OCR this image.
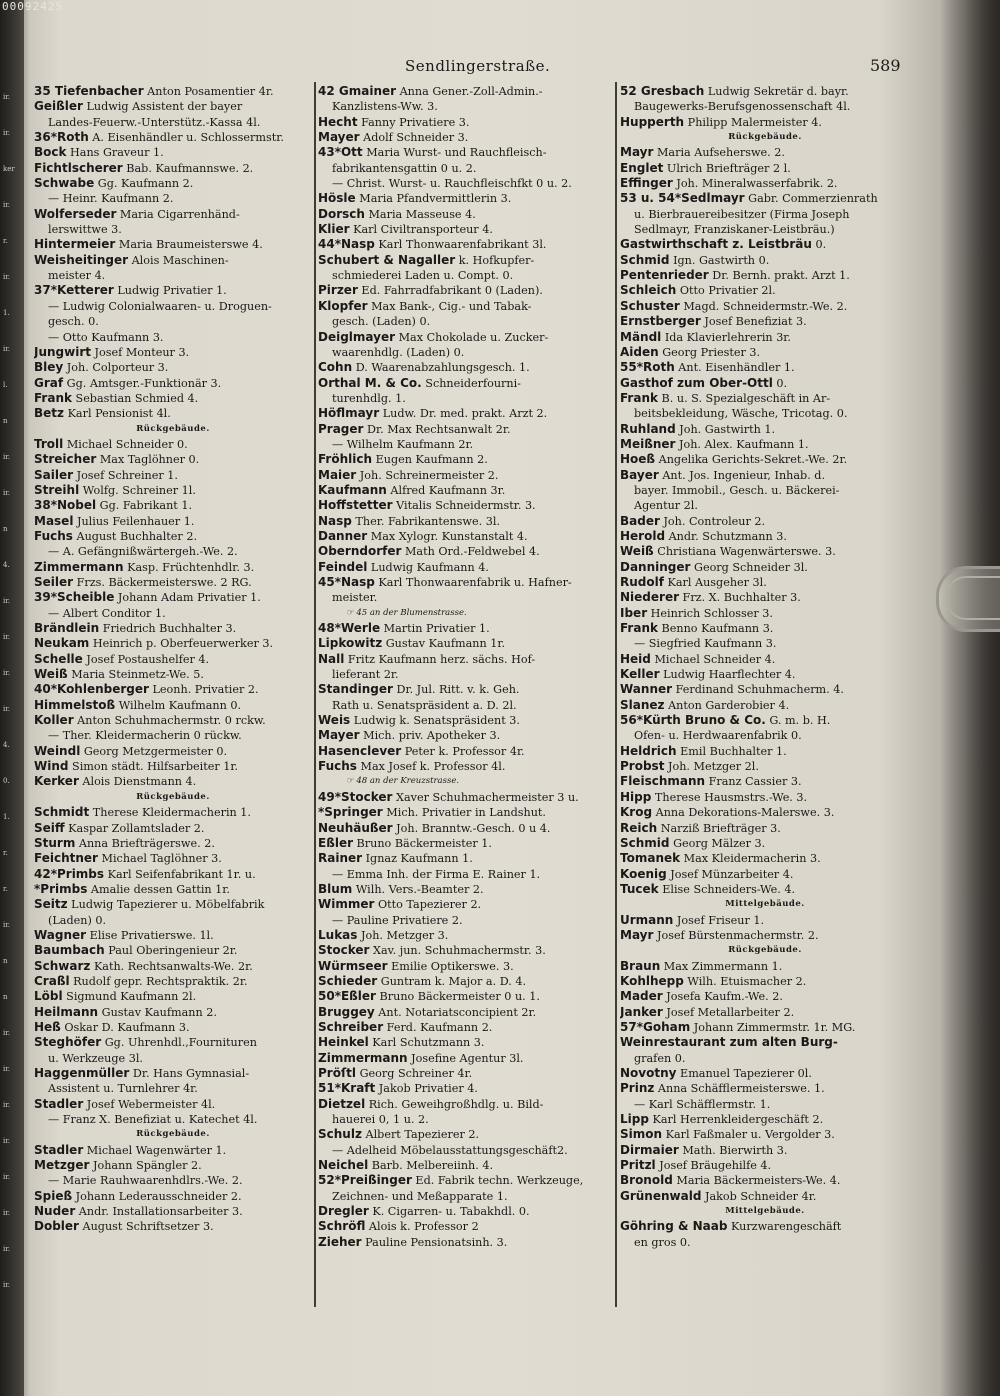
ir.
ir.
ker
ir.
r.
ir.
1.
ir.
l.
n
ir.
ir.
n
4.
ir.
ir.
ir.
ir.
4.
0.
1.
r.
r.
ir.
n
n
ir.
ir.
ir.
ir.
ir.
ir.
ir.
ir.
00092425
Sendlingerstraße.	589
35 Tiefenbacher Anton Posamentier 4r.
Geißler Ludwig Assistent der bayer
Landes-Feuerw.-Unterstütz.-Kassa 4l.
36*Roth A. Eisenhändler u. Schlossermstr.
Bock Hans Graveur 1.
Fichtlscherer Bab. Kaufmannswe. 2.
Schwabe Gg. Kaufmann 2.
— Heinr. Kaufmann 2.
Wolferseder Maria Cigarrenhänd-
lerswittwe 3.
Hintermeier Maria Braumeisterswe 4.
Weisheitinger Alois Maschinen-
meister 4.
37*Ketterer Ludwig Privatier 1.
— Ludwig Colonialwaaren- u. Droguen-
gesch. 0.
— Otto Kaufmann 3.
Jungwirt Josef Monteur 3.
Bley Joh. Colporteur 3.
Graf Gg. Amtsger.-Funktionär 3.
Frank Sebastian Schmied 4.
Betz Karl Pensionist 4l.
Rückgebäude.
Troll Michael Schneider 0.
Streicher Max Taglöhner 0.
Sailer Josef Schreiner 1.
Streihl Wolfg. Schreiner 1l.
38*Nobel Gg. Fabrikant 1.
Masel Julius Feilenhauer 1.
Fuchs August Buchhalter 2.
— A. Gefängnißwärtergeh.-We. 2.
Zimmermann Kasp. Früchtenhdlr. 3.
Seiler Frzs. Bäckermeisterswe. 2 RG.
39*Scheible Johann Adam Privatier 1.
— Albert Conditor 1.
Brändlein Friedrich Buchhalter 3.
Neukam Heinrich p. Oberfeuerwerker 3.
Schelle Josef Postaushelfer 4.
Weiß Maria Steinmetz-We. 5.
40*Kohlenberger Leonh. Privatier 2.
Himmelstoß Wilhelm Kaufmann 0.
Koller Anton Schuhmachermstr. 0 rckw.
— Ther. Kleidermacherin 0 rückw.
Weindl Georg Metzgermeister 0.
Wind Simon städt. Hilfsarbeiter 1r.
Kerker Alois Dienstmann 4.
Rückgebäude.
Schmidt Therese Kleidermacherin 1.
Seiff Kaspar Zollamtslader 2.
Sturm Anna Briefträgerswe. 2.
Feichtner Michael Taglöhner 3.
42*Primbs Karl Seifenfabrikant 1r. u.
*Primbs Amalie dessen Gattin 1r.
Seitz Ludwig Tapezierer u. Möbelfabrik
(Laden) 0.
Wagner Elise Privatierswe. 1l.
Baumbach Paul Oberingenieur 2r.
Schwarz Kath. Rechtsanwalts-We. 2r.
Craßl Rudolf gepr. Rechtspraktik. 2r.
Löbl Sigmund Kaufmann 2l.
Heilmann Gustav Kaufmann 2.
Heß Oskar D. Kaufmann 3.
Steghöfer Gg. Uhrenhdl.,Fournituren
u. Werkzeuge 3l.
Haggenmüller Dr. Hans Gymnasial-
Assistent u. Turnlehrer 4r.
Stadler Josef Webermeister 4l.
— Franz X. Benefiziat u. Katechet 4l.
Rückgebäude.
Stadler Michael Wagenwärter 1.
Metzger Johann Spängler 2.
— Marie Rauhwaarenhdlrs.-We. 2.
Spieß Johann Lederausschneider 2.
Nuder Andr. Installationsarbeiter 3.
Dobler August Schriftsetzer 3.
42 Gmainer Anna Gener.-Zoll-Admin.-
Kanzlistens-Ww. 3.
Hecht Fanny Privatiere 3.
Mayer Adolf Schneider 3.
43*Ott Maria Wurst- und Rauchfleisch-
fabrikantensgattin 0 u. 2.
— Christ. Wurst- u. Rauchfleischfkt 0 u. 2.
Hösle Maria Pfandvermittlerin 3.
Dorsch Maria Masseuse 4.
Klier Karl Civiltransporteur 4.
44*Nasp Karl Thonwaarenfabrikant 3l.
Schubert & Nagaller k. Hofkupfer-
schmiederei Laden u. Compt. 0.
Pirzer Ed. Fahrradfabrikant 0 (Laden).
Klopfer Max Bank-, Cig.- und Tabak-
gesch. (Laden) 0.
Deiglmayer Max Chokolade u. Zucker-
waarenhdlg. (Laden) 0.
Cohn D. Waarenabzahlungsgesch. 1.
Orthal M. & Co. Schneiderfourni-
turenhdlg. 1.
Höflmayr Ludw. Dr. med. prakt. Arzt 2.
Prager Dr. Max Rechtsanwalt 2r.
— Wilhelm Kaufmann 2r.
Fröhlich Eugen Kaufmann 2.
Maier Joh. Schreinermeister 2.
Kaufmann Alfred Kaufmann 3r.
Hoffstetter Vitalis Schneidermstr. 3.
Nasp Ther. Fabrikantenswe. 3l.
Danner Max Xylogr. Kunstanstalt 4.
Oberndorfer Math Ord.-Feldwebel 4.
Feindel Ludwig Kaufmann 4.
45*Nasp Karl Thonwaarenfabrik u. Hafner-
meister.
☞ 45 an der Blumenstrasse.
48*Werle Martin Privatier 1.
Lipkowitz Gustav Kaufmann 1r.
Nall Fritz Kaufmann herz. sächs. Hof-
lieferant 2r.
Standinger Dr. Jul. Ritt. v. k. Geh.
Rath u. Senatspräsident a. D. 2l.
Weis Ludwig k. Senatspräsident 3.
Mayer Mich. priv. Apotheker 3.
Hasenclever Peter k. Professor 4r.
Fuchs Max Josef k. Professor 4l.
☞ 48 an der Kreuzstrasse.
49*Stocker Xaver Schuhmachermeister 3 u.
*Springer Mich. Privatier in Landshut.
Neuhäußer Joh. Branntw.-Gesch. 0 u 4.
Eßler Bruno Bäckermeister 1.
Rainer Ignaz Kaufmann 1.
— Emma Inh. der Firma E. Rainer 1.
Blum Wilh. Vers.-Beamter 2.
Wimmer Otto Tapezierer 2.
— Pauline Privatiere 2.
Lukas Joh. Metzger 3.
Stocker Xav. jun. Schuhmachermstr. 3.
Würmseer Emilie Optikerswe. 3.
Schieder Guntram k. Major a. D. 4.
50*Eßler Bruno Bäckermeister 0 u. 1.
Bruggey Ant. Notariatsconcipient 2r.
Schreiber Ferd. Kaufmann 2.
Heinkel Karl Schutzmann 3.
Zimmermann Josefine Agentur 3l.
Pröſtl Georg Schreiner 4r.
51*Kraft Jakob Privatier 4.
Dietzel Rich. Geweihgroßhdlg. u. Bild-
hauerei 0, 1 u. 2.
Schulz Albert Tapezierer 2.
— Adelheid Möbelausstattungsgeschäft2.
Neichel Barb. Melbereiinh. 4.
52*Preißinger Ed. Fabrik techn. Werkzeuge,
Zeichnen- und Meßapparate 1.
Dregler K. Cigarren- u. Tabakhdl. 0.
Schröfl Alois k. Professor 2
Zieher Pauline Pensionatsinh. 3.
52 Gresbach Ludwig Sekretär d. bayr.
Baugewerks-Berufsgenossenschaft 4l.
Hupperth Philipp Malermeister 4.
Rückgebäude.
Mayr Maria Aufseherswe. 2.
Englet Ulrich Briefträger 2 l.
Effinger Joh. Mineralwasserfabrik. 2.
53 u. 54*Sedlmayr Gabr. Commerzienrath
u. Bierbrauereibesitzer (Firma Joseph
Sedlmayr, Franziskaner-Leistbräu.)
Gastwirthschaft z. Leistbräu 0.
Schmid Ign. Gastwirth 0.
Pentenrieder Dr. Bernh. prakt. Arzt 1.
Schleich Otto Privatier 2l.
Schuster Magd. Schneidermstr.-We. 2.
Ernstberger Josef Benefiziat 3.
Mändl Ida Klavierlehrerin 3r.
Aiden Georg Priester 3.
55*Roth Ant. Eisenhändler 1.
Gasthof zum Ober-Ottl 0.
Frank B. u. S. Spezialgeschäft in Ar-
beitsbekleidung, Wäsche, Tricotag. 0.
Ruhland Joh. Gastwirth 1.
Meißner Joh. Alex. Kaufmann 1.
Hoeß Angelika Gerichts-Sekret.-We. 2r.
Bayer Ant. Jos. Ingenieur, Inhab. d.
bayer. Immobil., Gesch. u. Bäckerei-
Agentur 2l.
Bader Joh. Controleur 2.
Herold Andr. Schutzmann 3.
Weiß Christiana Wagenwärterswe. 3.
Danninger Georg Schneider 3l.
Rudolf Karl Ausgeher 3l.
Niederer Frz. X. Buchhalter 3.
Iber Heinrich Schlosser 3.
Frank Benno Kaufmann 3.
— Siegfried Kaufmann 3.
Heid Michael Schneider 4.
Keller Ludwig Haarflechter 4.
Wanner Ferdinand Schuhmacherm. 4.
Slanez Anton Garderobier 4.
56*Kürth Bruno & Co. G. m. b. H.
Ofen- u. Herdwaarenfabrik 0.
Heldrich Emil Buchhalter 1.
Probst Joh. Metzger 2l.
Fleischmann Franz Cassier 3.
Hipp Therese Hausmstrs.-We. 3.
Krog Anna Dekorations-Malerswe. 3.
Reich Narziß Briefträger 3.
Schmid Georg Mälzer 3.
Tomanek Max Kleidermacherin 3.
Koenig Josef Münzarbeiter 4.
Tucek Elise Schneiders-We. 4.
Mittelgebäude.
Urmann Josef Friseur 1.
Mayr Josef Bürstenmachermstr. 2.
Rückgebäude.
Braun Max Zimmermann 1.
Kohlhepp Wilh. Etuismacher 2.
Mader Josefa Kaufm.-We. 2.
Janker Josef Metallarbeiter 2.
57*Goham Johann Zimmermstr. 1r. MG.
Weinrestaurant zum alten Burg-
grafen 0.
Novotny Emanuel Tapezierer 0l.
Prinz Anna Schäfflermeisterswe. 1.
— Karl Schäfflermstr. 1.
Lipp Karl Herrenkleidergeschäft 2.
Simon Karl Faßmaler u. Vergolder 3.
Dirmaier Math. Bierwirth 3.
Pritzl Josef Bräugehilfe 4.
Bronold Maria Bäckermeisters-We. 4.
Grünenwald Jakob Schneider 4r.
Mittelgebäude.
Göhring & Naab Kurzwarengeschäft
en gros 0.
